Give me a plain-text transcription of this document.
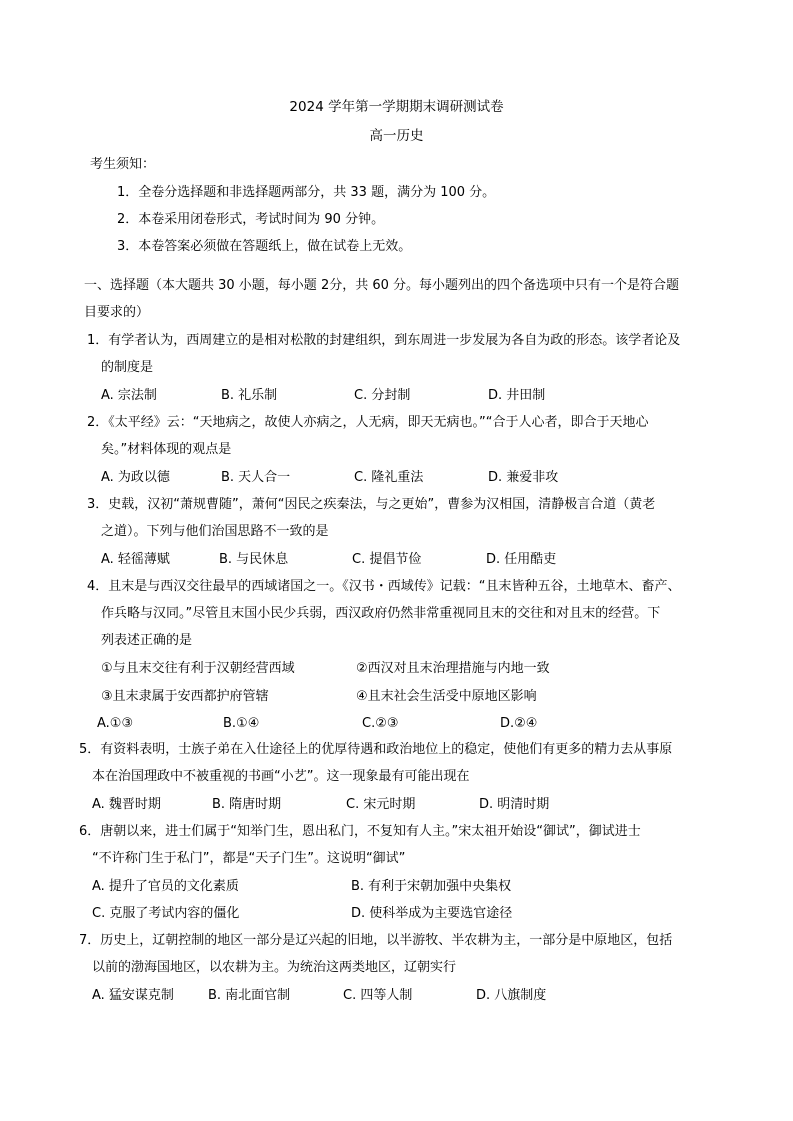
2024 学年第一学期期末调研测试卷
高一历史
考生须知：
1．全卷分选择题和非选择题两部分，共 33 题，满分为 100 分。
2．本卷采用闭卷形式，考试时间为 90 分钟。
3．本卷答案必须做在答题纸上，做在试卷上无效。
一、选择题（本大题共 30 小题，每小题 2分，共 60 分。每小题列出的四个备选项中只有一个是符合题
目要求的）
1．有学者认为，西周建立的是相对松散的封建组织，到东周进一步发展为各自为政的形态。该学者论及
的制度是
A. 宗法制	B. 礼乐制	C. 分封制	D. 井田制
2．《太平经》云：“天地病之，故使人亦病之，人无病，即天无病也。”“合于人心者，即合于天地心
矣。”材料体现的观点是
A. 为政以德	B. 天人合一	C. 隆礼重法	D. 兼爱非攻
3．史载，汉初“萧规曹随”，萧何“因民之疾秦法，与之更始”，曹参为汉相国，清静极言合道（黄老
之道）。下列与他们治国思路不一致的是
A. 轻徭薄赋	B. 与民休息	C. 提倡节俭	D. 任用酷吏
4．且末是与西汉交往最早的西域诸国之一。《汉书・西域传》记载：“且末皆种五谷，土地草木、畜产、
作兵略与汉同。”尽管且末国小民少兵弱，西汉政府仍然非常重视同且末的交往和对且末的经营。下
列表述正确的是
①与且末交往有利于汉朝经营西域	②西汉对且末治理措施与内地一致
③且末隶属于安西都护府管辖	④且末社会生活受中原地区影响
A.①③	B.①④	C.②③	D.②④
5．有资料表明，士族子弟在入仕途径上的优厚待遇和政治地位上的稳定，使他们有更多的精力去从事原
本在治国理政中不被重视的书画“小艺”。这一现象最有可能出现在
A. 魏晋时期	B. 隋唐时期	C. 宋元时期	D. 明清时期
6．唐朝以来，进士们属于“知举门生，恩出私门，不复知有人主。”宋太祖开始设“御试”，御试进士
“不许称门生于私门”，都是“天子门生”。这说明“御试”
A. 提升了官员的文化素质	B. 有利于宋朝加强中央集权
C. 克服了考试内容的僵化	D. 使科举成为主要选官途径
7．历史上，辽朝控制的地区一部分是辽兴起的旧地，以半游牧、半农耕为主，一部分是中原地区，包括
以前的渤海国地区，以农耕为主。为统治这两类地区，辽朝实行
A. 猛安谋克制	B. 南北面官制	C. 四等人制	D. 八旗制度
